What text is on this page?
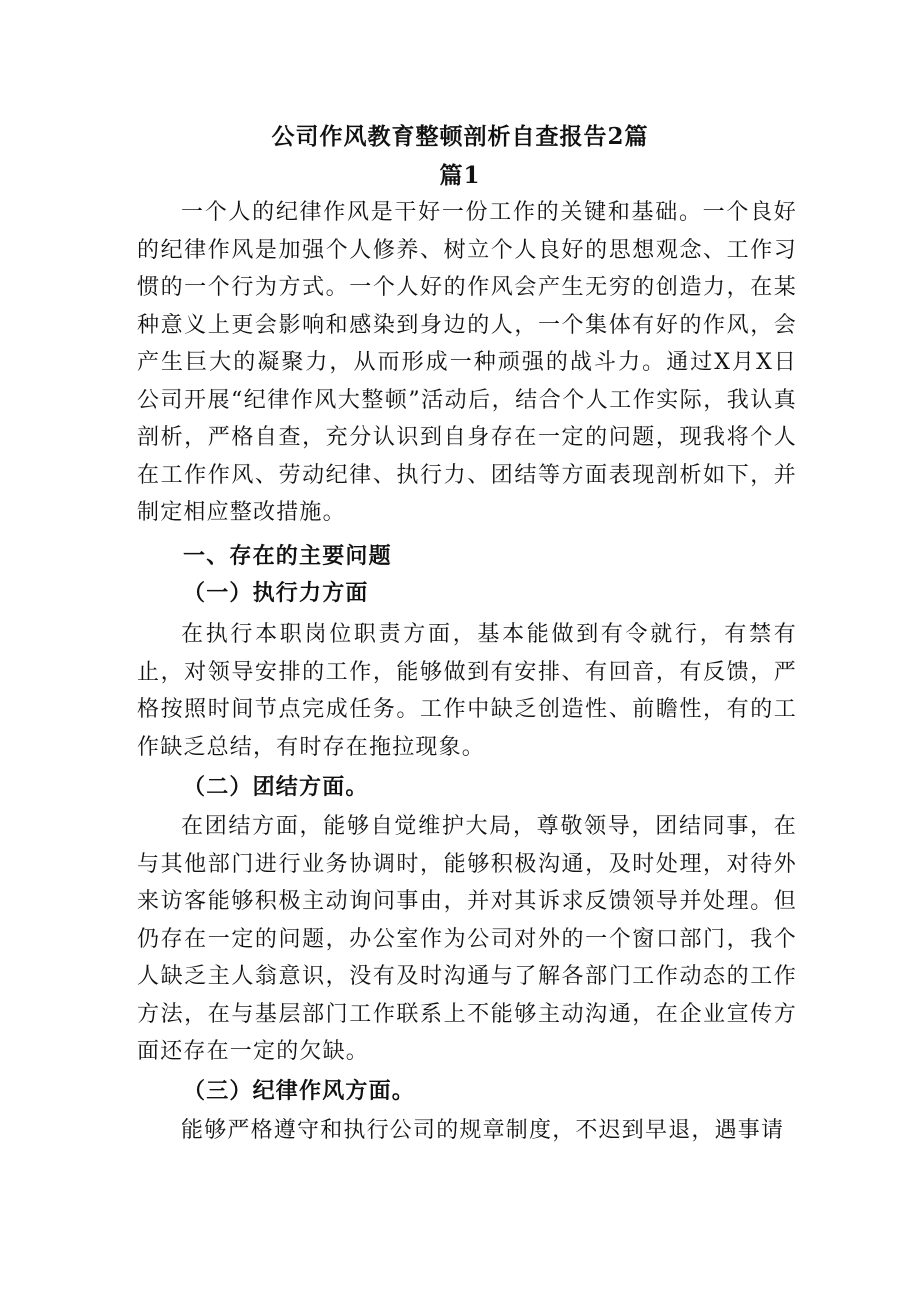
公司作风教育整顿剖析自查报告2篇
篇1

一个人的纪律作风是干好一份工作的关键和基础。一个良好的纪律作风是加强个人修养、树立个人良好的思想观念、工作习惯的一个行为方式。一个人好的作风会产生无穷的创造力，在某种意义上更会影响和感染到身边的人，一个集体有好的作风，会产生巨大的凝聚力，从而形成一种顽强的战斗力。通过X月X日公司开展“纪律作风大整顿”活动后，结合个人工作实际，我认真剖析，严格自查，充分认识到自身存在一定的问题，现我将个人在工作作风、劳动纪律、执行力、团结等方面表现剖析如下，并制定相应整改措施。

一、存在的主要问题
（一）执行力方面

在执行本职岗位职责方面，基本能做到有令就行，有禁有止，对领导安排的工作，能够做到有安排、有回音，有反馈，严格按照时间节点完成任务。工作中缺乏创造性、前瞻性，有的工作缺乏总结，有时存在拖拉现象。

（二）团结方面。

在团结方面，能够自觉维护大局，尊敬领导，团结同事，在与其他部门进行业务协调时，能够积极沟通，及时处理，对待外来访客能够积极主动询问事由，并对其诉求反馈领导并处理。但仍存在一定的问题，办公室作为公司对外的一个窗口部门，我个人缺乏主人翁意识，没有及时沟通与了解各部门工作动态的工作方法，在与基层部门工作联系上不能够主动沟通，在企业宣传方面还存在一定的欠缺。

（三）纪律作风方面。

能够严格遵守和执行公司的规章制度，不迟到早退，遇事请
